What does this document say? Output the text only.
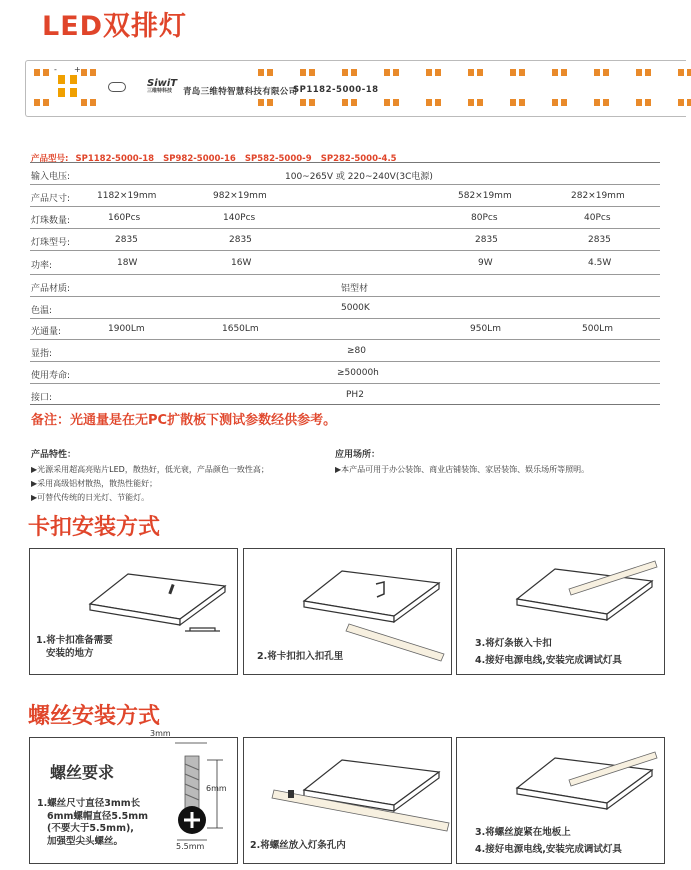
LED双排灯
- +
SiwiT
三维特科技	青岛三维特智慧科技有限公司
SP1182-5000-18
产品型号: SP1182-5000-18 SP982-5000-16 SP582-5000-9 SP282-5000-4.5
输入电压:	100~265V 或 220~240V(3C电源)
产品尺寸:	1182×19mm	982×19mm	582×19mm	282×19mm
灯珠数量:	160Pcs	140Pcs	80Pcs	40Pcs
灯珠型号:	2835	2835	2835	2835
功率:	18W	16W	9W	4.5W
产品材质:	铝型材
色温:	5000K
光通量:	1900Lm	1650Lm	950Lm	500Lm
显指:	≥80
使用寿命:	≥50000h
接口:	PH2
备注：光通量是在无PC扩散板下测试参数经供参考。
产品特性：
▶光源采用超高亮贴片LED，散热好，低光衰，产品颜色一致性高；
▶采用高级铝材散热，散热性能好；
▶可替代传统的日光灯、节能灯。
应用场所：
▶本产品可用于办公装饰、商业店铺装饰、家居装饰、娱乐场所等照明。
卡扣安装方式
1.将卡扣准备需要
安装的地方	2.将卡扣扣入扣孔里
3.将灯条嵌入卡扣
4.接好电源电线,安装完成调试灯具
螺丝安装方式
螺丝要求
1.螺丝尺寸直径3mm长
6mm螺帽直径5.5mm
(不要大于5.5mm),
加强型尖头螺丝。
3mm
6mm
5.5mm	2.将螺丝放入灯条孔内
3.将螺丝旋紧在地板上
4.接好电源电线,安装完成调试灯具
